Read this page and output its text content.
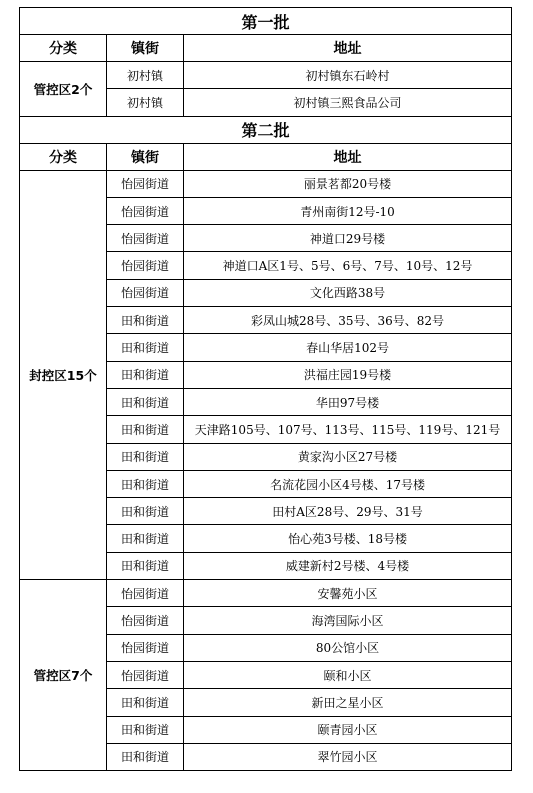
第一批		
分类	镇街	地址
管控区2个	初村镇	初村镇东石岭村
	初村镇	初村镇三熙食品公司
第二批		
分类	镇街	地址
封控区15个	怡园街道	丽景茗都20号楼
	怡园街道	青州南街12号-10
	怡园街道	神道口29号楼
	怡园街道	神道口A区1号、5号、6号、7号、10号、12号
	怡园街道	文化西路38号
	田和街道	彩凤山城28号、35号、36号、82号
	田和街道	春山华居102号
	田和街道	洪福庄园19号楼
	田和街道	华田97号楼
	田和街道	天津路105号、107号、113号、115号、119号、121号
	田和街道	黄家沟小区27号楼
	田和街道	名流花园小区4号楼、17号楼
	田和街道	田村A区28号、29号、31号
	田和街道	怡心苑3号楼、18号楼
	田和街道	威建新村2号楼、4号楼
管控区7个	怡园街道	安馨苑小区
	怡园街道	海湾国际小区
	怡园街道	80公馆小区
	怡园街道	颐和小区
	田和街道	新田之星小区
	田和街道	颐青园小区
	田和街道	翠竹园小区
